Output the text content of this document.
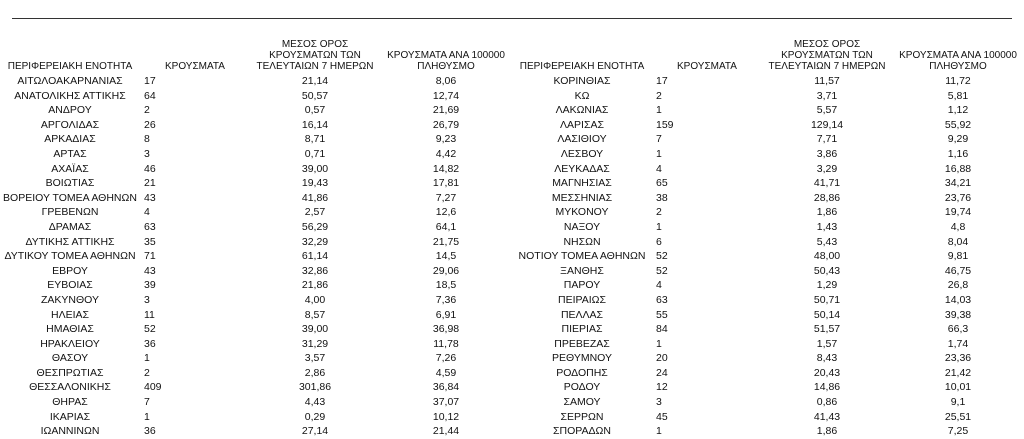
ΠΕΡΙΦΕΡΕΙΑΚΗ ΕΝΟΤΗΤΑ	ΚΡΟΥΣΜΑΤΑ	ΜΕΣΟΣ ΟΡΟΣ ΚΡΟΥΣΜΑΤΩΝ ΤΩΝ ΤΕΛΕΥΤΑΙΩΝ 7 ΗΜΕΡΩΝ	ΚΡΟΥΣΜΑΤΑ ΑΝΑ 100000 ΠΛΗΘΥΣΜΟ
ΑΙΤΩΛΟΑΚΑΡΝΑΝΙΑΣ	17	21,14	8,06
ΑΝΑΤΟΛΙΚΗΣ ΑΤΤΙΚΗΣ	64	50,57	12,74
ΑΝΔΡΟΥ	2	0,57	21,69
ΑΡΓΟΛΙΔΑΣ	26	16,14	26,79
ΑΡΚΑΔΙΑΣ	8	8,71	9,23
ΑΡΤΑΣ	3	0,71	4,42
ΑΧΑΪΑΣ	46	39,00	14,82
ΒΟΙΩΤΙΑΣ	21	19,43	17,81
ΒΟΡΕΙΟΥ ΤΟΜΕΑ ΑΘΗΝΩΝ	43	41,86	7,27
ΓΡΕΒΕΝΩΝ	4	2,57	12,6
ΔΡΑΜΑΣ	63	56,29	64,1
ΔΥΤΙΚΗΣ ΑΤΤΙΚΗΣ	35	32,29	21,75
ΔΥΤΙΚΟΥ ΤΟΜΕΑ ΑΘΗΝΩΝ	71	61,14	14,5
ΕΒΡΟΥ	43	32,86	29,06
ΕΥΒΟΙΑΣ	39	21,86	18,5
ΖΑΚΥΝΘΟΥ	3	4,00	7,36
ΗΛΕΙΑΣ	11	8,57	6,91
ΗΜΑΘΙΑΣ	52	39,00	36,98
ΗΡΑΚΛΕΙΟΥ	36	31,29	11,78
ΘΑΣΟΥ	1	3,57	7,26
ΘΕΣΠΡΩΤΙΑΣ	2	2,86	4,59
ΘΕΣΣΑΛΟΝΙΚΗΣ	409	301,86	36,84
ΘΗΡΑΣ	7	4,43	37,07
ΙΚΑΡΙΑΣ	1	0,29	10,12
ΙΩΑΝΝΙΝΩΝ	36	27,14	21,44
ΠΕΡΙΦΕΡΕΙΑΚΗ ΕΝΟΤΗΤΑ	ΚΡΟΥΣΜΑΤΑ	ΜΕΣΟΣ ΟΡΟΣ ΚΡΟΥΣΜΑΤΩΝ ΤΩΝ ΤΕΛΕΥΤΑΙΩΝ 7 ΗΜΕΡΩΝ	ΚΡΟΥΣΜΑΤΑ ΑΝΑ 100000 ΠΛΗΘΥΣΜΟ
ΚΟΡΙΝΘΙΑΣ	17	11,57	11,72
ΚΩ	2	3,71	5,81
ΛΑΚΩΝΙΑΣ	1	5,57	1,12
ΛΑΡΙΣΑΣ	159	129,14	55,92
ΛΑΣΙΘΙΟΥ	7	7,71	9,29
ΛΕΣΒΟΥ	1	3,86	1,16
ΛΕΥΚΑΔΑΣ	4	3,29	16,88
ΜΑΓΝΗΣΙΑΣ	65	41,71	34,21
ΜΕΣΣΗΝΙΑΣ	38	28,86	23,76
ΜΥΚΟΝΟΥ	2	1,86	19,74
ΝΑΞΟΥ	1	1,43	4,8
ΝΗΣΩΝ	6	5,43	8,04
ΝΟΤΙΟΥ ΤΟΜΕΑ ΑΘΗΝΩΝ	52	48,00	9,81
ΞΑΝΘΗΣ	52	50,43	46,75
ΠΑΡΟΥ	4	1,29	26,8
ΠΕΙΡΑΙΩΣ	63	50,71	14,03
ΠΕΛΛΑΣ	55	50,14	39,38
ΠΙΕΡΙΑΣ	84	51,57	66,3
ΠΡΕΒΕΖΑΣ	1	1,57	1,74
ΡΕΘΥΜΝΟΥ	20	8,43	23,36
ΡΟΔΟΠΗΣ	24	20,43	21,42
ΡΟΔΟΥ	12	14,86	10,01
ΣΑΜΟΥ	3	0,86	9,1
ΣΕΡΡΩΝ	45	41,43	25,51
ΣΠΟΡΑΔΩΝ	1	1,86	7,25
